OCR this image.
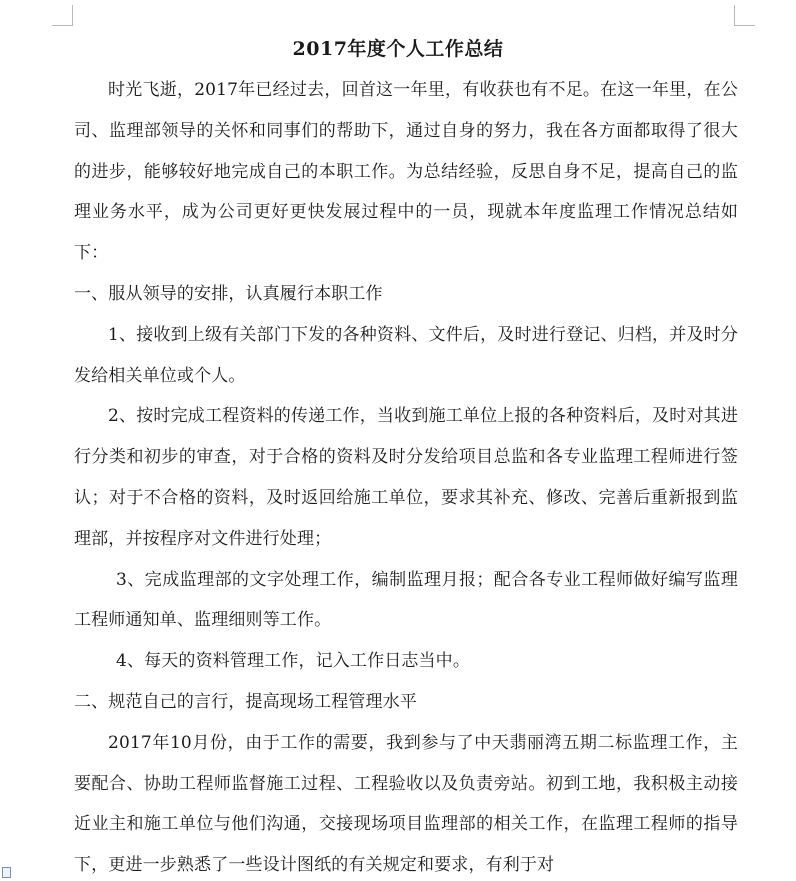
2017年度个人工作总结

时光飞逝，2017年已经过去，回首这一年里，有收获也有不足。在这一年里，在公司、监理部领导的关怀和同事们的帮助下，通过自身的努力，我在各方面都取得了很大的进步，能够较好地完成自己的本职工作。为总结经验，反思自身不足，提高自己的监理业务水平，成为公司更好更快发展过程中的一员，现就本年度监理工作情况总结如下：

一、服从领导的安排，认真履行本职工作

1、接收到上级有关部门下发的各种资料、文件后，及时进行登记、归档，并及时分发给相关单位或个人。

2、按时完成工程资料的传递工作，当收到施工单位上报的各种资料后，及时对其进行分类和初步的审查，对于合格的资料及时分发给项目总监和各专业监理工程师进行签认；对于不合格的资料，及时返回给施工单位，要求其补充、修改、完善后重新报到监理部，并按程序对文件进行处理；

3、完成监理部的文字处理工作，编制监理月报；配合各专业工程师做好编写监理工程师通知单、监理细则等工作。

4、每天的资料管理工作，记入工作日志当中。

二、规范自己的言行，提高现场工程管理水平

2017年10月份，由于工作的需要，我到参与了中天翡丽湾五期二标监理工作，主要配合、协助工程师监督施工过程、工程验收以及负责旁站。初到工地，我积极主动接近业主和施工单位与他们沟通，交接现场项目监理部的相关工作，在监理工程师的指导下，更进一步熟悉了一些设计图纸的有关规定和要求，有利于对
